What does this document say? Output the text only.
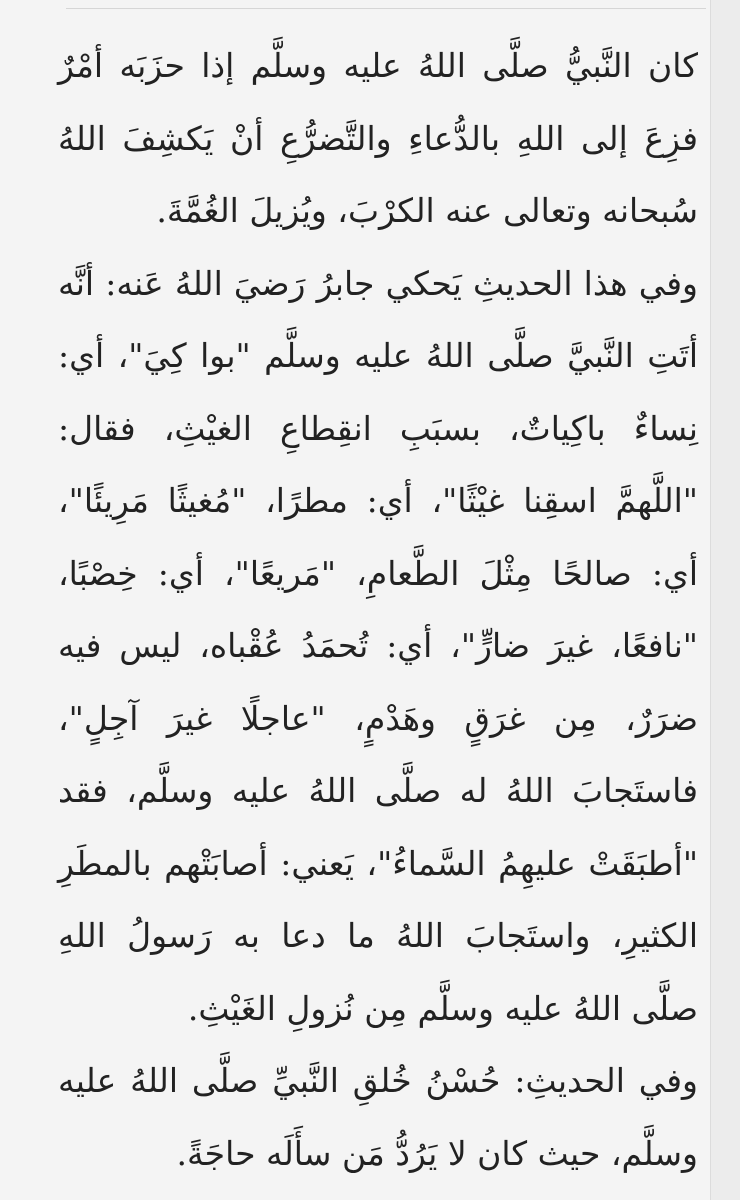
كان النَّبيُّ صلَّى اللهُ عليه وسلَّم إذا حزَبَه أمْرٌ فزِعَ إلى اللهِ بالدُّعاءِ والتَّضرُّعِ أنْ يَكشِفَ اللهُ سُبحانه وتعالى عنه الكرْبَ، ويُزيلَ الغُمَّةَ.

وفي هذا الحديثِ يَحكي جابرُ رَضيَ اللهُ عَنه: أنَّه أتَتِ النَّبيَّ صلَّى اللهُ عليه وسلَّم "بوا كِيَ"، أي: نِساءٌ باكِياتٌ، بسبَبِ انقِطاعِ الغيْثِ، فقال: "اللَّهمَّ اسقِنا غيْثًا"، أي: مطرًا، "مُغيثًا مَرِيئًا"، أي: صالحًا مِثْلَ الطَّعامِ، "مَريعًا"، أي: خِصْبًا، "نافعًا، غيرَ ضارٍّ"، أي: تُحمَدُ عُقْباه، ليس فيه ضرَرٌ، مِن غرَقٍ وهَدْمٍ، "عاجلًا غيرَ آجِلٍ"، فاستَجابَ اللهُ له صلَّى اللهُ عليه وسلَّم، فقد "أطبَقَتْ عليهِمُ السَّماءُ"، يَعني: أصابَتْهم بالمطَرِ الكثيرِ، واستَجابَ اللهُ ما دعا به رَسولُ اللهِ صلَّى اللهُ عليه وسلَّم مِن نُزولِ الغَيْثِ.

وفي الحديثِ: حُسْنُ خُلقِ النَّبيِّ صلَّى اللهُ عليه وسلَّم، حيث كان لا يَرُدُّ مَن سأَلَه حاجَةً.
